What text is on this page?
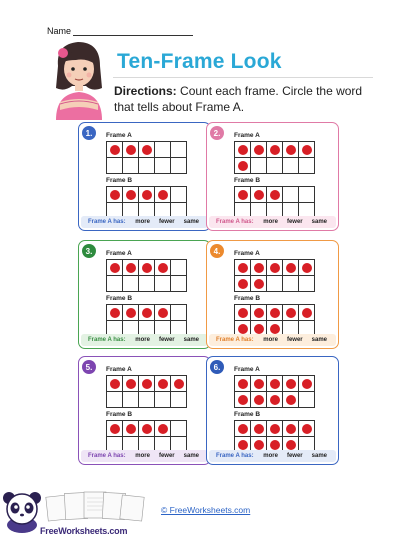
Name
Ten-Frame Look
Directions: Count each frame. Circle the word that tells about Frame A.
1.	Frame A
Frame B
Frame A has:	more fewer same
2.	Frame A
Frame B
Frame A has:	more fewer same
3.	Frame A
Frame B
Frame A has:	more fewer same
4.	Frame A
Frame B
Frame A has:	more fewer same
5.	Frame A
Frame B
Frame A has:	more fewer same
6.	Frame A
Frame B
Frame A has:	more fewer same
© FreeWorksheets.com
FreeWorksheets.com
